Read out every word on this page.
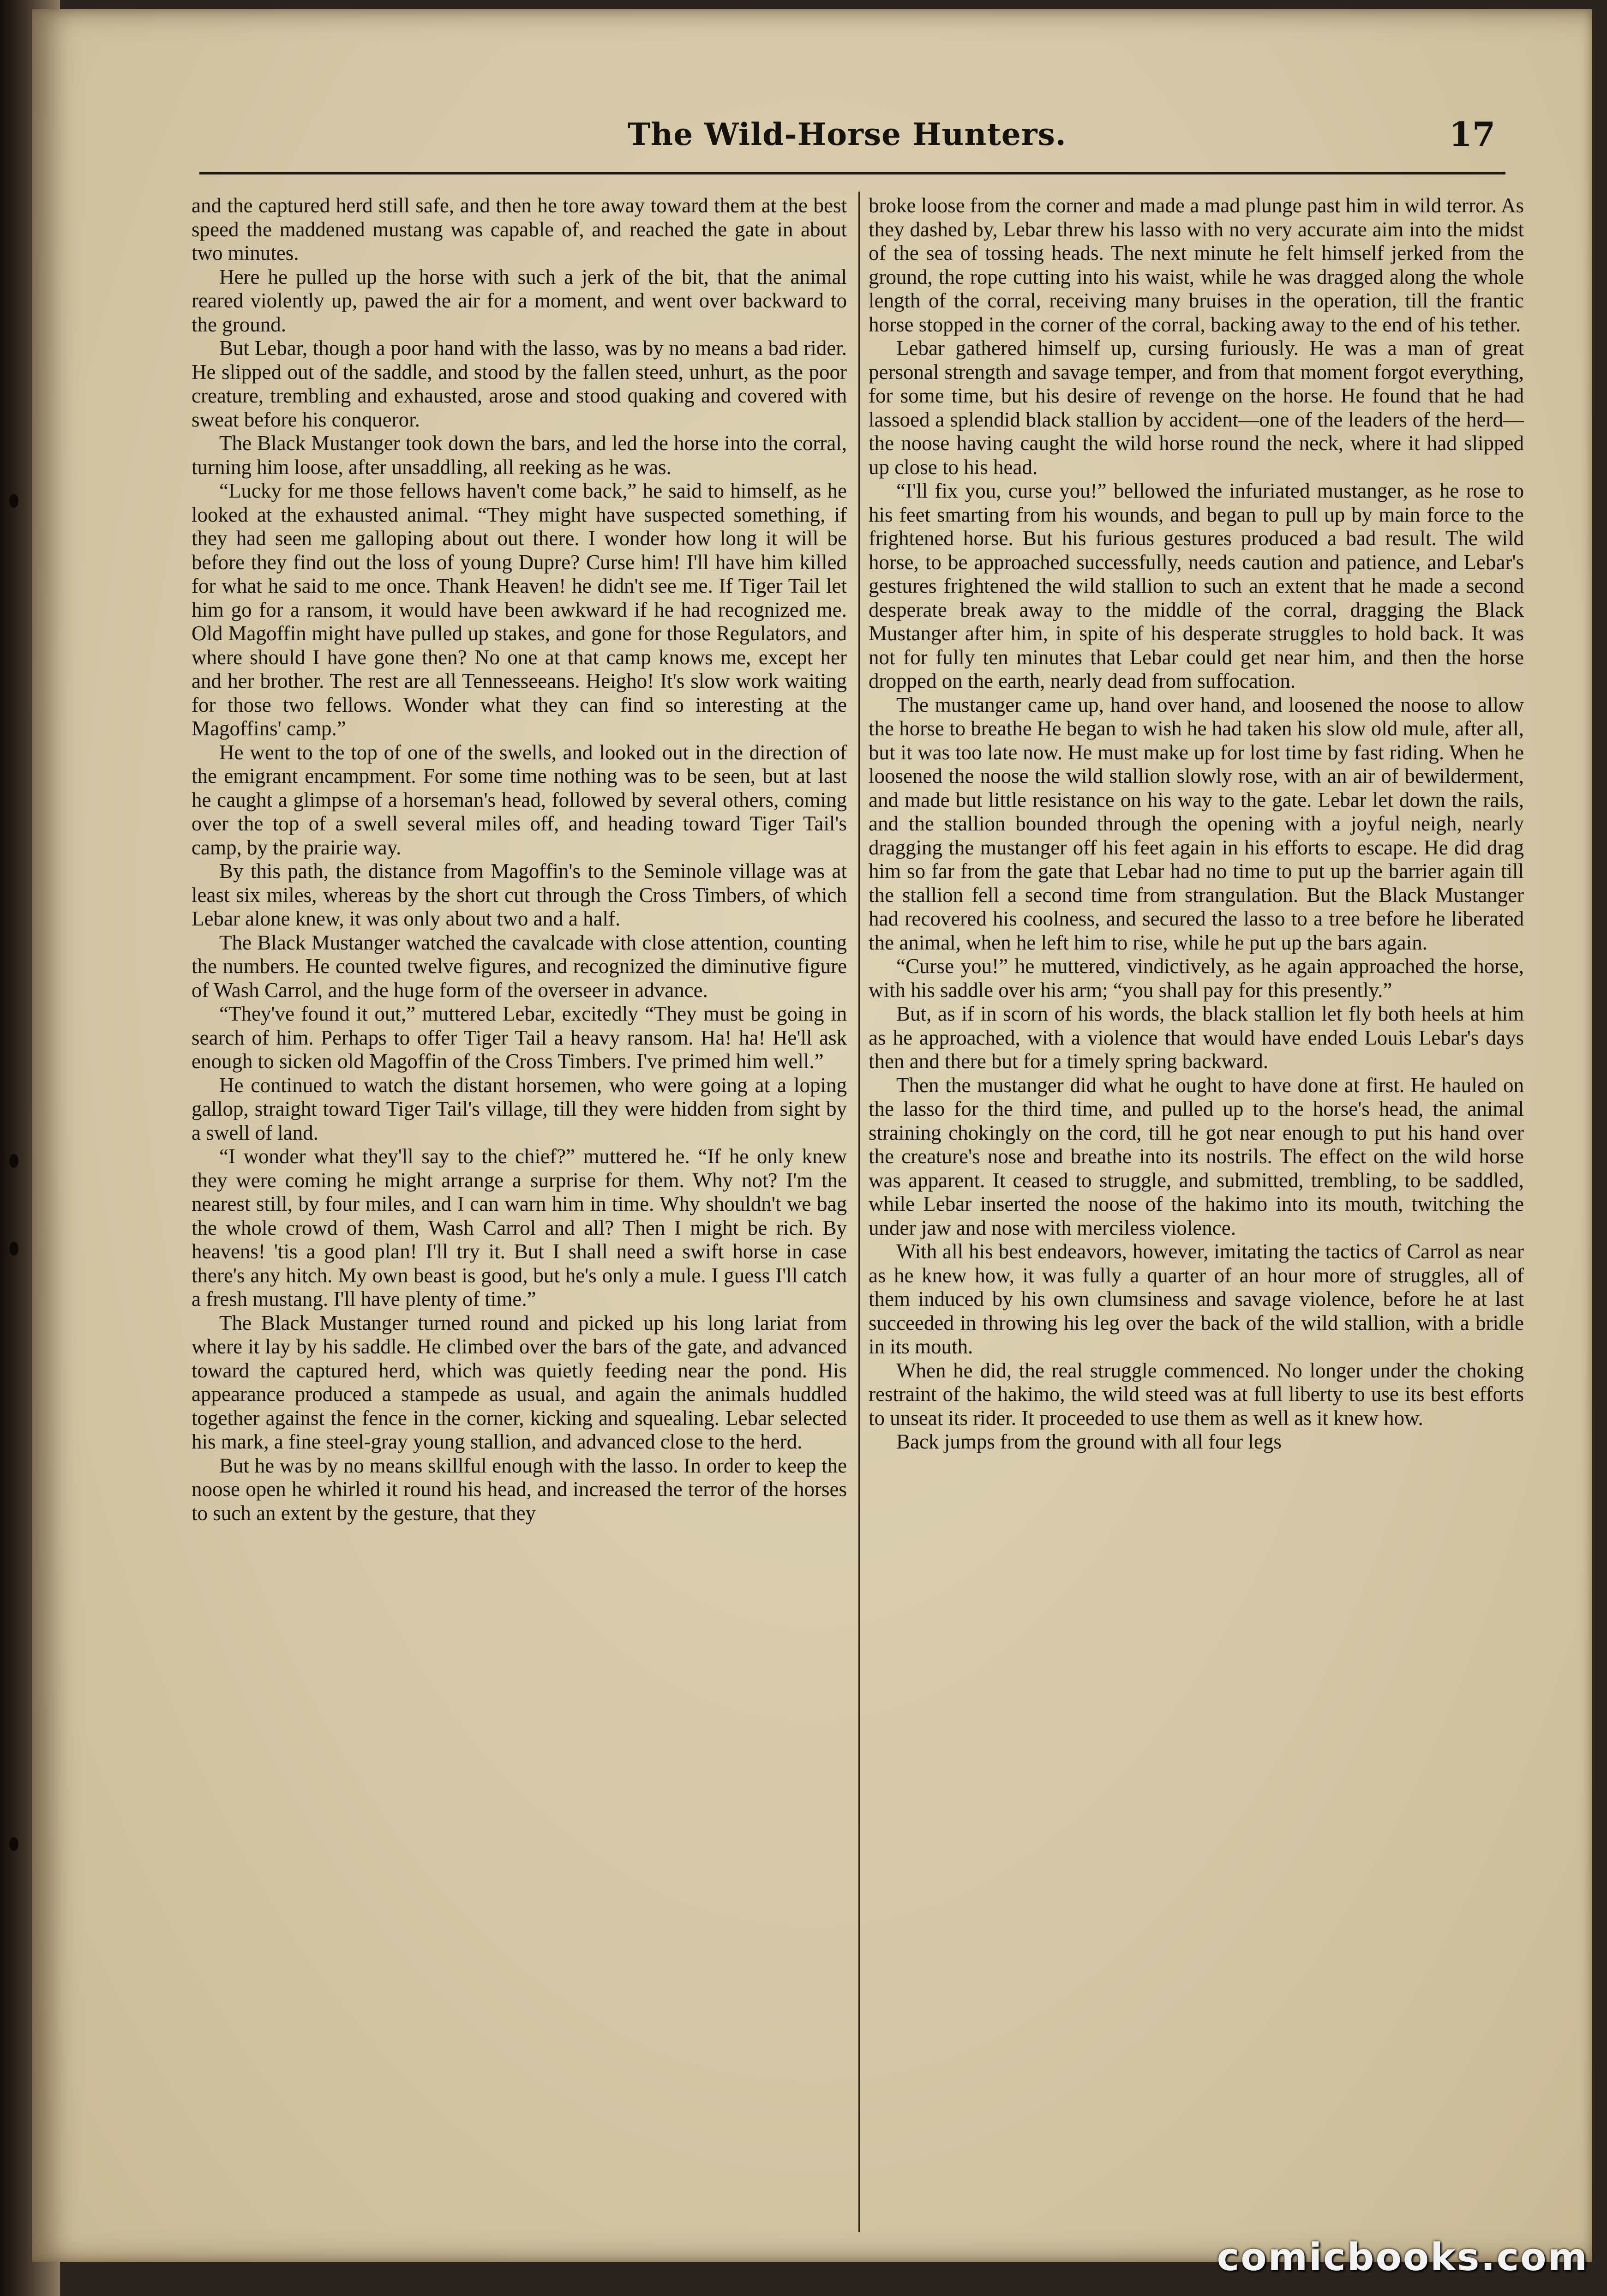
The Wild-Horse Hunters.	17

and the captured herd still safe, and then he tore away toward them at the best speed the maddened mustang was capable of, and reached the gate in about two minutes.

Here he pulled up the horse with such a jerk of the bit, that the animal reared violently up, pawed the air for a moment, and went over backward to the ground.

But Lebar, though a poor hand with the lasso, was by no means a bad rider. He slipped out of the saddle, and stood by the fallen steed, unhurt, as the poor creature, trembling and exhausted, arose and stood quaking and covered with sweat before his conqueror.

The Black Mustanger took down the bars, and led the horse into the corral, turning him loose, after unsaddling, all reeking as he was.

“Lucky for me those fellows haven't come back,” he said to himself, as he looked at the exhausted animal. “They might have suspected something, if they had seen me galloping about out there. I wonder how long it will be before they find out the loss of young Dupre? Curse him! I'll have him killed for what he said to me once. Thank Heaven! he didn't see me. If Tiger Tail let him go for a ransom, it would have been awkward if he had recognized me. Old Magoffin might have pulled up stakes, and gone for those Regulators, and where should I have gone then? No one at that camp knows me, except her and her brother. The rest are all Tennesseeans. Heigho! It's slow work waiting for those two fellows. Wonder what they can find so interesting at the Magoffins' camp.”

He went to the top of one of the swells, and looked out in the direction of the emigrant encampment. For some time nothing was to be seen, but at last he caught a glimpse of a horseman's head, followed by several others, coming over the top of a swell several miles off, and heading toward Tiger Tail's camp, by the prairie way.

By this path, the distance from Magoffin's to the Seminole village was at least six miles, whereas by the short cut through the Cross Timbers, of which Lebar alone knew, it was only about two and a half.

The Black Mustanger watched the cavalcade with close attention, counting the numbers. He counted twelve figures, and recognized the diminutive figure of Wash Carrol, and the huge form of the overseer in advance.

“They've found it out,” muttered Lebar, excitedly “They must be going in search of him. Perhaps to offer Tiger Tail a heavy ransom. Ha! ha! He'll ask enough to sicken old Magoffin of the Cross Timbers. I've primed him well.”

He continued to watch the distant horsemen, who were going at a loping gallop, straight toward Tiger Tail's village, till they were hidden from sight by a swell of land.

“I wonder what they'll say to the chief?” muttered he. “If he only knew they were coming he might arrange a surprise for them. Why not? I'm the nearest still, by four miles, and I can warn him in time. Why shouldn't we bag the whole crowd of them, Wash Carrol and all? Then I might be rich. By heavens! 'tis a good plan! I'll try it. But I shall need a swift horse in case there's any hitch. My own beast is good, but he's only a mule. I guess I'll catch a fresh mustang. I'll have plenty of time.”

The Black Mustanger turned round and picked up his long lariat from where it lay by his saddle. He climbed over the bars of the gate, and advanced toward the captured herd, which was quietly feeding near the pond. His appearance produced a stampede as usual, and again the animals huddled together against the fence in the corner, kicking and squealing. Lebar selected his mark, a fine steel-gray young stallion, and advanced close to the herd.

But he was by no means skillful enough with the lasso. In order to keep the noose open he whirled it round his head, and increased the terror of the horses to such an extent by the gesture, that they

broke loose from the corner and made a mad plunge past him in wild terror. As they dashed by, Lebar threw his lasso with no very accurate aim into the midst of the sea of tossing heads. The next minute he felt himself jerked from the ground, the rope cutting into his waist, while he was dragged along the whole length of the corral, receiving many bruises in the operation, till the frantic horse stopped in the corner of the corral, backing away to the end of his tether.

Lebar gathered himself up, cursing furiously. He was a man of great personal strength and savage temper, and from that moment forgot everything, for some time, but his desire of revenge on the horse. He found that he had lassoed a splendid black stallion by accident—one of the leaders of the herd—the noose having caught the wild horse round the neck, where it had slipped up close to his head.

“I'll fix you, curse you!” bellowed the infuriated mustanger, as he rose to his feet smarting from his wounds, and began to pull up by main force to the frightened horse. But his furious gestures produced a bad result. The wild horse, to be approached successfully, needs caution and patience, and Lebar's gestures frightened the wild stallion to such an extent that he made a second desperate break away to the middle of the corral, dragging the Black Mustanger after him, in spite of his desperate struggles to hold back. It was not for fully ten minutes that Lebar could get near him, and then the horse dropped on the earth, nearly dead from suffocation.

The mustanger came up, hand over hand, and loosened the noose to allow the horse to breathe He began to wish he had taken his slow old mule, after all, but it was too late now. He must make up for lost time by fast riding. When he loosened the noose the wild stallion slowly rose, with an air of bewilderment, and made but little resistance on his way to the gate. Lebar let down the rails, and the stallion bounded through the opening with a joyful neigh, nearly dragging the mustanger off his feet again in his efforts to escape. He did drag him so far from the gate that Lebar had no time to put up the barrier again till the stallion fell a second time from strangulation. But the Black Mustanger had recovered his coolness, and secured the lasso to a tree before he liberated the animal, when he left him to rise, while he put up the bars again.

“Curse you!” he muttered, vindictively, as he again approached the horse, with his saddle over his arm; “you shall pay for this presently.”

But, as if in scorn of his words, the black stallion let fly both heels at him as he approached, with a violence that would have ended Louis Lebar's days then and there but for a timely spring backward.

Then the mustanger did what he ought to have done at first. He hauled on the lasso for the third time, and pulled up to the horse's head, the animal straining chokingly on the cord, till he got near enough to put his hand over the creature's nose and breathe into its nostrils. The effect on the wild horse was apparent. It ceased to struggle, and submitted, trembling, to be saddled, while Lebar inserted the noose of the hakimo into its mouth, twitching the under jaw and nose with merciless violence.

With all his best endeavors, however, imitating the tactics of Carrol as near as he knew how, it was fully a quarter of an hour more of struggles, all of them induced by his own clumsiness and savage violence, before he at last succeeded in throwing his leg over the back of the wild stallion, with a bridle in its mouth.

When he did, the real struggle commenced. No longer under the choking restraint of the hakimo, the wild steed was at full liberty to use its best efforts to unseat its rider. It proceeded to use them as well as it knew how.

Back jumps from the ground with all four legs

comicbooks.com
